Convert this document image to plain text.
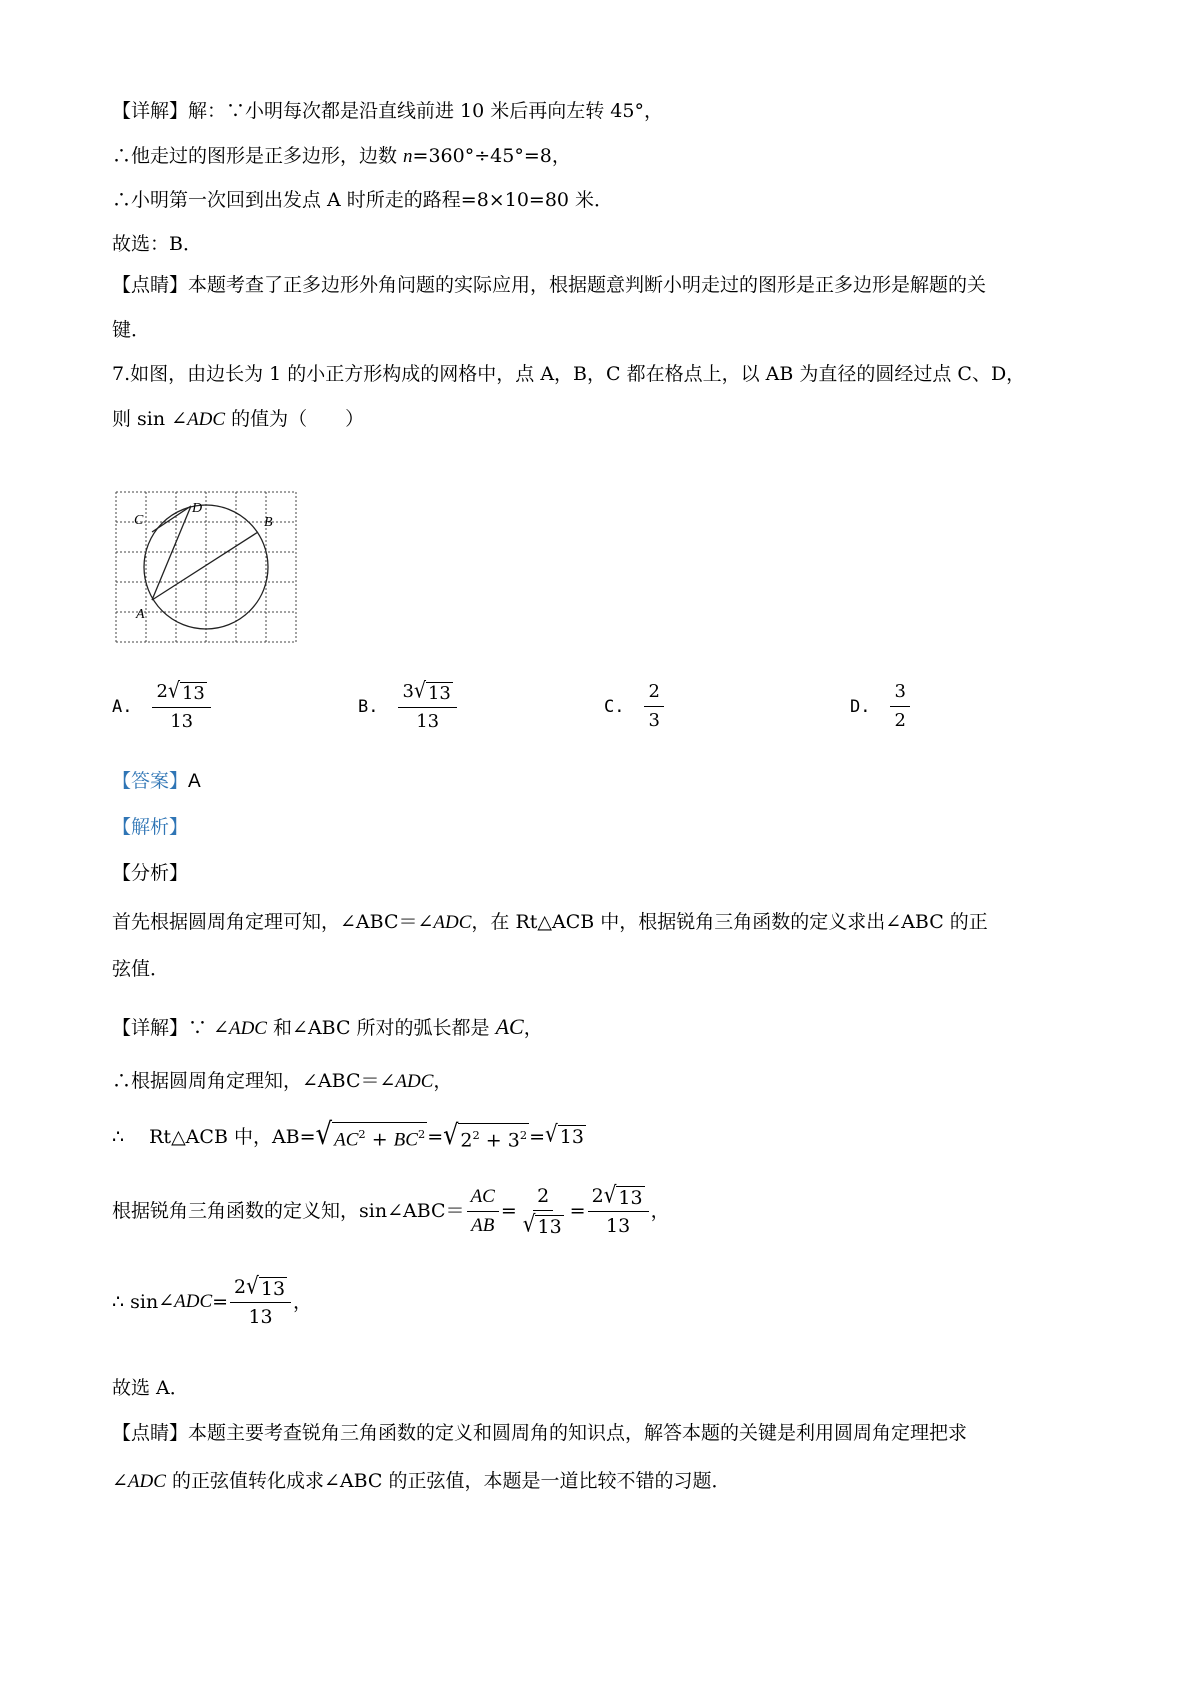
【详解】解：∵小明每次都是沿直线前进 10 米后再向左转 45°，
∴他走过的图形是正多边形，边数 n=360°÷45°=8，
∴小明第一次回到出发点 A 时所走的路程=8×10=80 米．
故选：B．
【点睛】本题考查了正多边形外角问题的实际应用，根据题意判断小明走过的图形是正多边形是解题的关
键．
7.如图，由边长为 1 的小正方形构成的网格中，点 A，B，C 都在格点上，以 AB 为直径的圆经过点 C、D，
则 sin ∠ADC 的值为（　　）
C
D
B
A
A. $\frac{2 √ 13}{13}$	B. $\frac{3 √ 13}{13}$	C. $\frac{2}{3}$	D. $\frac{3}{2}$
【答案】A
【解析】
【分析】
首先根据圆周角定理可知，∠ABC＝∠ADC，在 Rt△ACB 中，根据锐角三角函数的定义求出∠ABC 的正
弦值．
【详解】∵ ∠ADC 和∠ABC 所对的弧长都是 AC，
∴根据圆周角定理知，∠ABC＝∠ADC，
∴　 Rt△ACB 中，AB= √ $AC^2 + BC^2$ = √ $2^2 + 3^2$ = √ 13
根据锐角三角函数的定义知，sin∠ABC＝ $\frac{AC}{AB} = \frac{2}{√ 13} = \frac{2 √ 13}{13}$ ，
∴ sin ∠ADC = $\frac{2 √ 13}{13}$ ，
故选 A．
【点睛】本题主要考查锐角三角函数的定义和圆周角的知识点，解答本题的关键是利用圆周角定理把求
∠ADC 的正弦值转化成求∠ABC 的正弦值，本题是一道比较不错的习题．
